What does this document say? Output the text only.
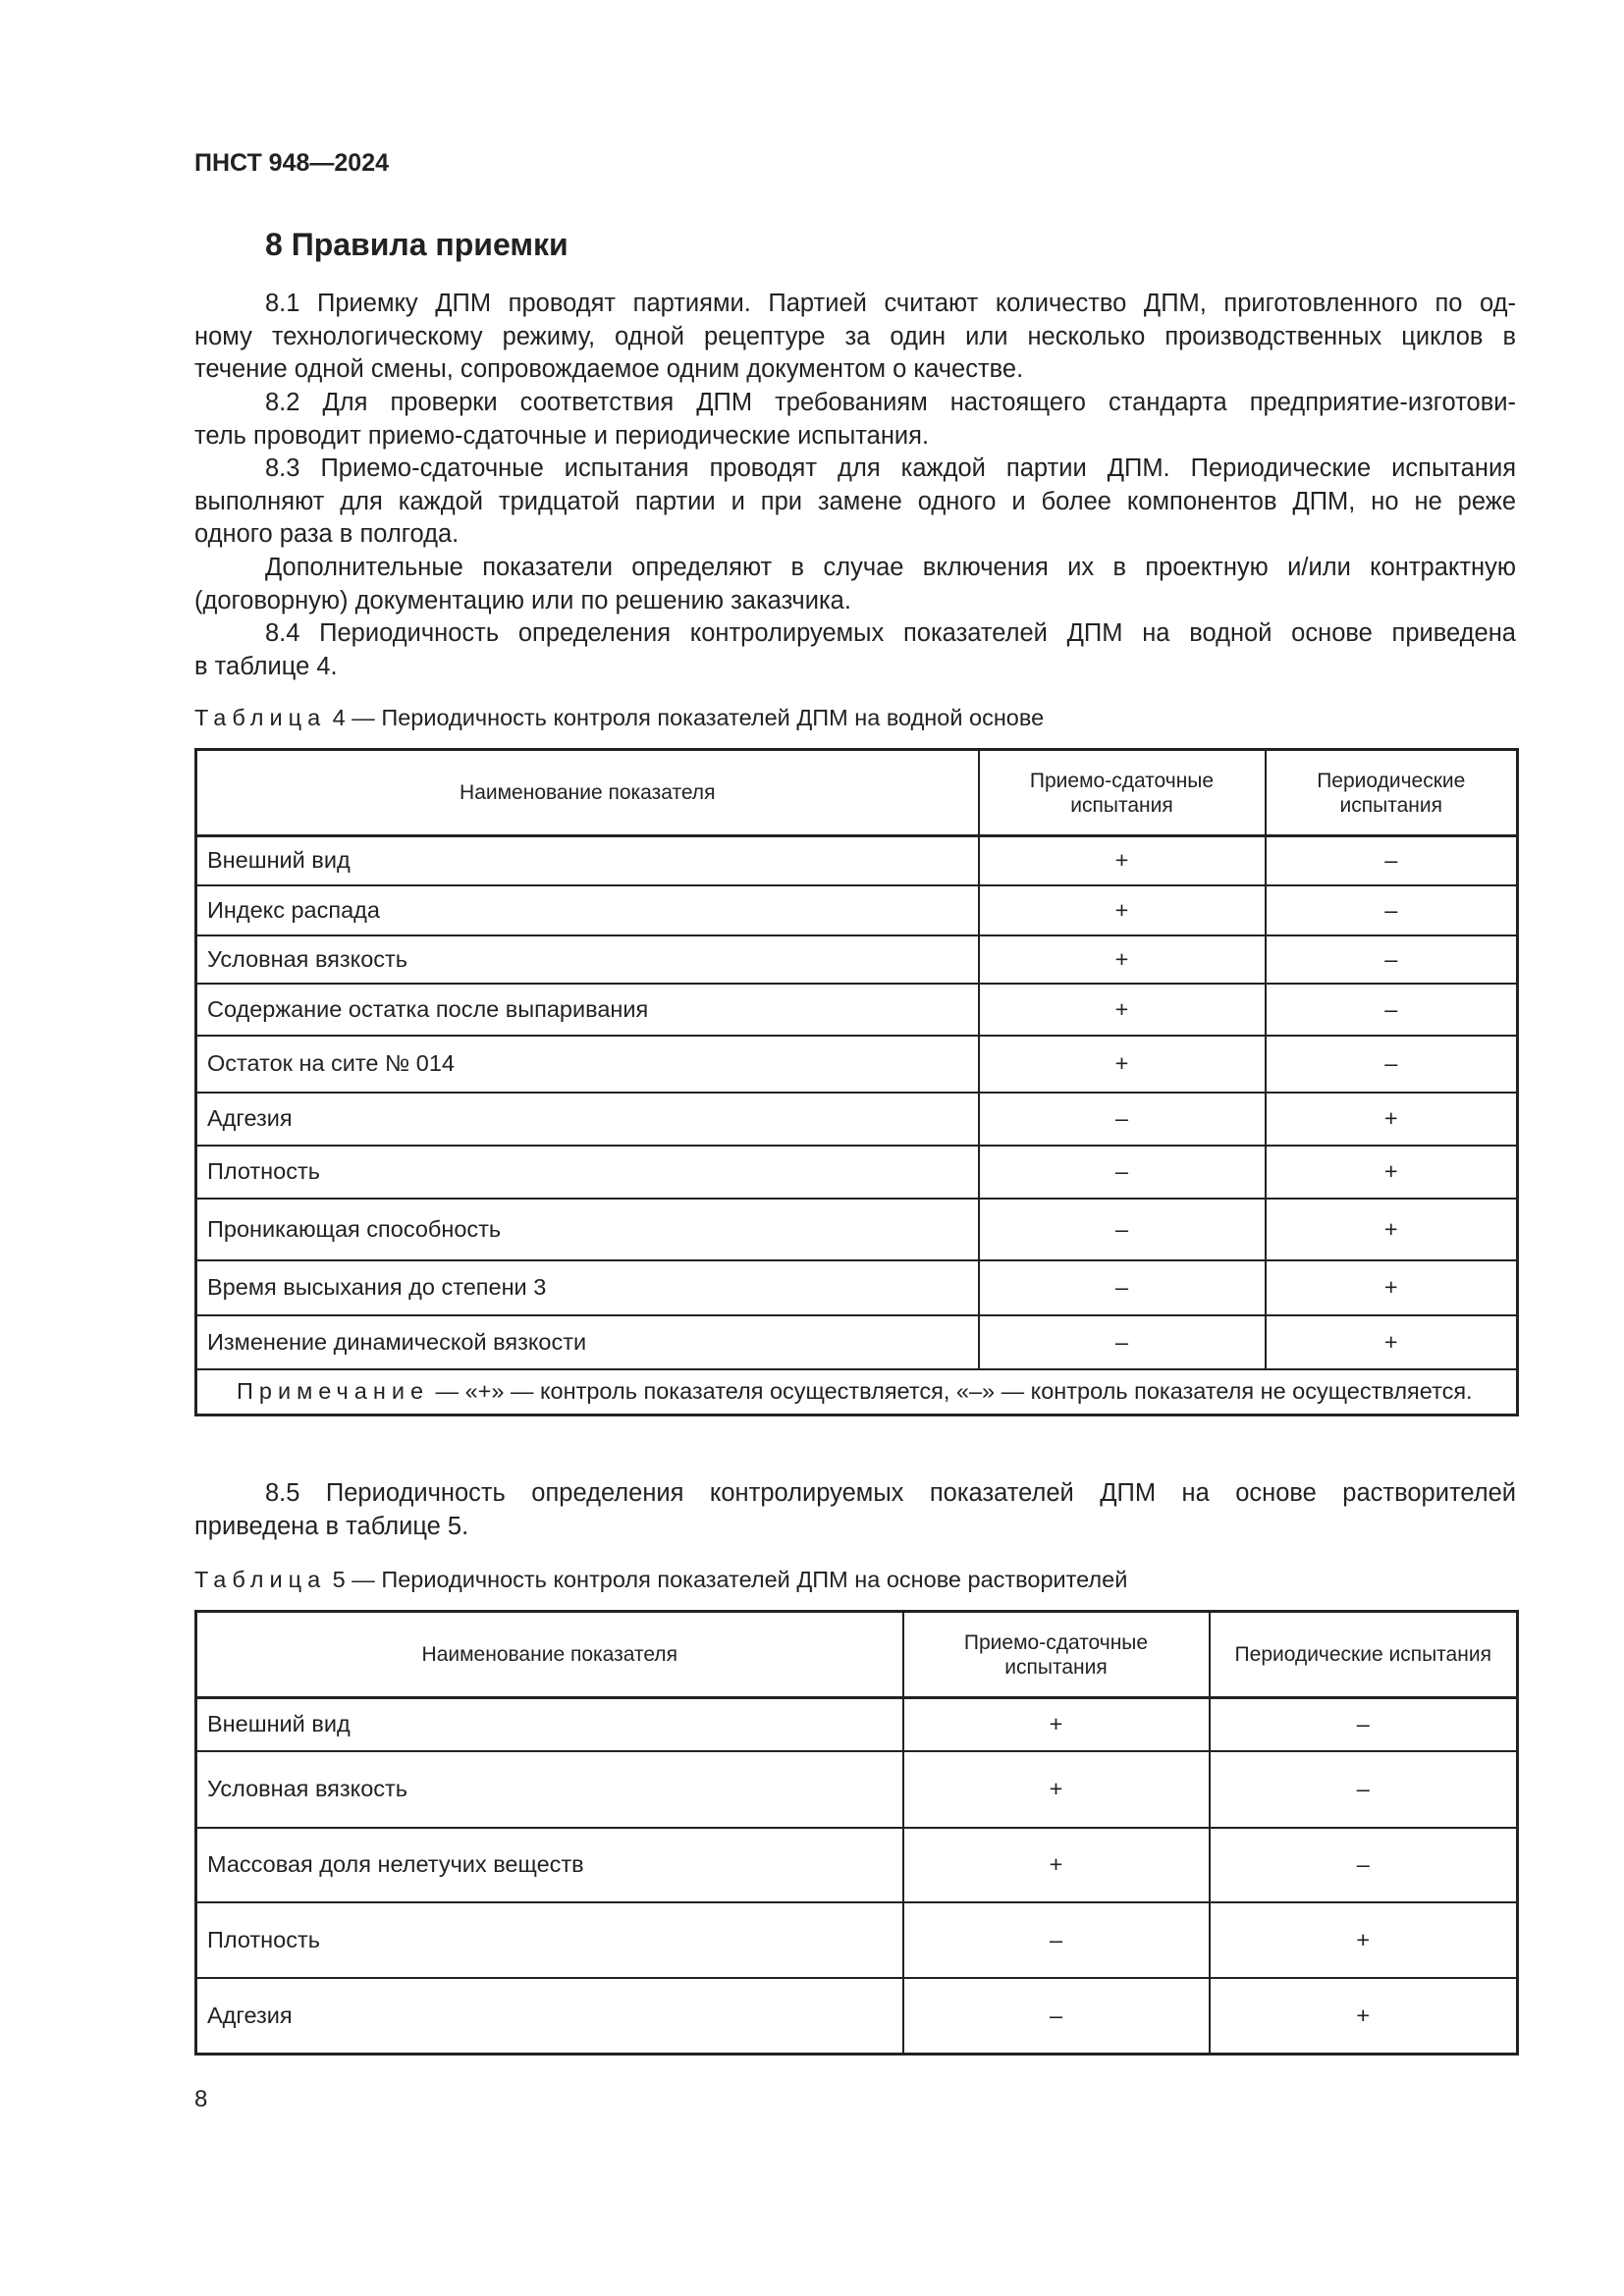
ПНСТ 948—2024
8 Правила приемки
8.1 Приемку ДПМ проводят партиями. Партией считают количество ДПМ, приготовленного по од-
ному технологическому режиму, одной рецептуре за один или несколько производственных циклов в
течение одной смены, сопровождаемое одним документом о качестве.
8.2 Для проверки соответствия ДПМ требованиям настоящего стандарта предприятие-изготови-
тель проводит приемо-сдаточные и периодические испытания.
8.3 Приемо-сдаточные испытания проводят для каждой партии ДПМ. Периодические испытания
выполняют для каждой тридцатой партии и при замене одного и более компонентов ДПМ, но не реже
одного раза в полгода.
Дополнительные показатели определяют в случае включения их в проектную и/или контрактную
(договорную) документацию или по решению заказчика.
8.4 Периодичность определения контролируемых показателей ДПМ на водной основе приведена
в таблице 4.
Таблица 4 — Периодичность контроля показателей ДПМ на водной основе
Наименование показателя	Приемо-сдаточные испытания	Периодические испытания
Внешний вид	+	–
Индекс распада	+	–
Условная вязкость	+	–
Содержание остатка после выпаривания	+	–
Остаток на сите № 014	+	–
Адгезия	–	+
Плотность	–	+
Проникающая способность	–	+
Время высыхания до степени 3	–	+
Изменение динамической вязкости	–	+
Примечание — «+» — контроль показателя осуществляется, «–» — контроль показателя не осуществляется.		
8.5 Периодичность определения контролируемых показателей ДПМ на основе растворителей
приведена в таблице 5.
Таблица 5 — Периодичность контроля показателей ДПМ на основе растворителей
Наименование показателя	Приемо-сдаточные испытания	Периодические испытания
Внешний вид	+	–
Условная вязкость	+	–
Массовая доля нелетучих веществ	+	–
Плотность	–	+
Адгезия	–	+
8
